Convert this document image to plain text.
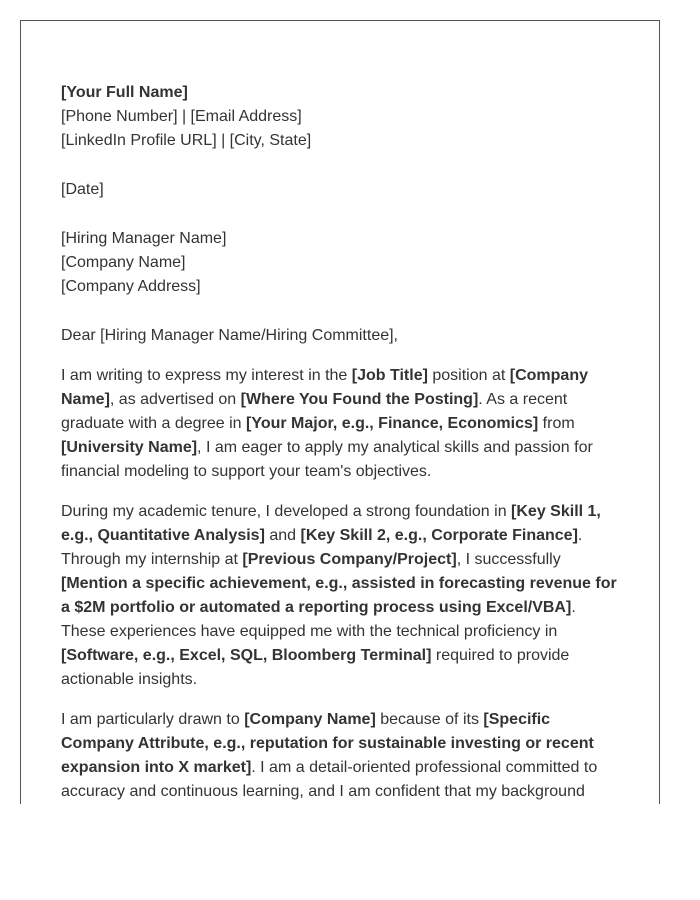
[Your Full Name]
[Phone Number] | [Email Address]
[LinkedIn Profile URL] | [City, State]
[Date]
[Hiring Manager Name]
[Company Name]
[Company Address]

Dear [Hiring Manager Name/Hiring Committee],

I am writing to express my interest in the [Job Title] position at [Company Name], as advertised on [Where You Found the Posting]. As a recent graduate with a degree in [Your Major, e.g., Finance, Economics] from [University Name], I am eager to apply my analytical skills and passion for financial modeling to support your team's objectives.

During my academic tenure, I developed a strong foundation in [Key Skill 1, e.g., Quantitative Analysis] and [Key Skill 2, e.g., Corporate Finance]. Through my internship at [Previous Company/Project], I successfully [Mention a specific achievement, e.g., assisted in forecasting revenue for a $2M portfolio or automated a reporting process using Excel/VBA]. These experiences have equipped me with the technical proficiency in [Software, e.g., Excel, SQL, Bloomberg Terminal] required to provide actionable insights.

I am particularly drawn to [Company Name] because of its [Specific Company Attribute, e.g., reputation for sustainable investing or recent expansion into X market]. I am a detail-oriented professional committed to accuracy and continuous learning, and I am confident that my background
